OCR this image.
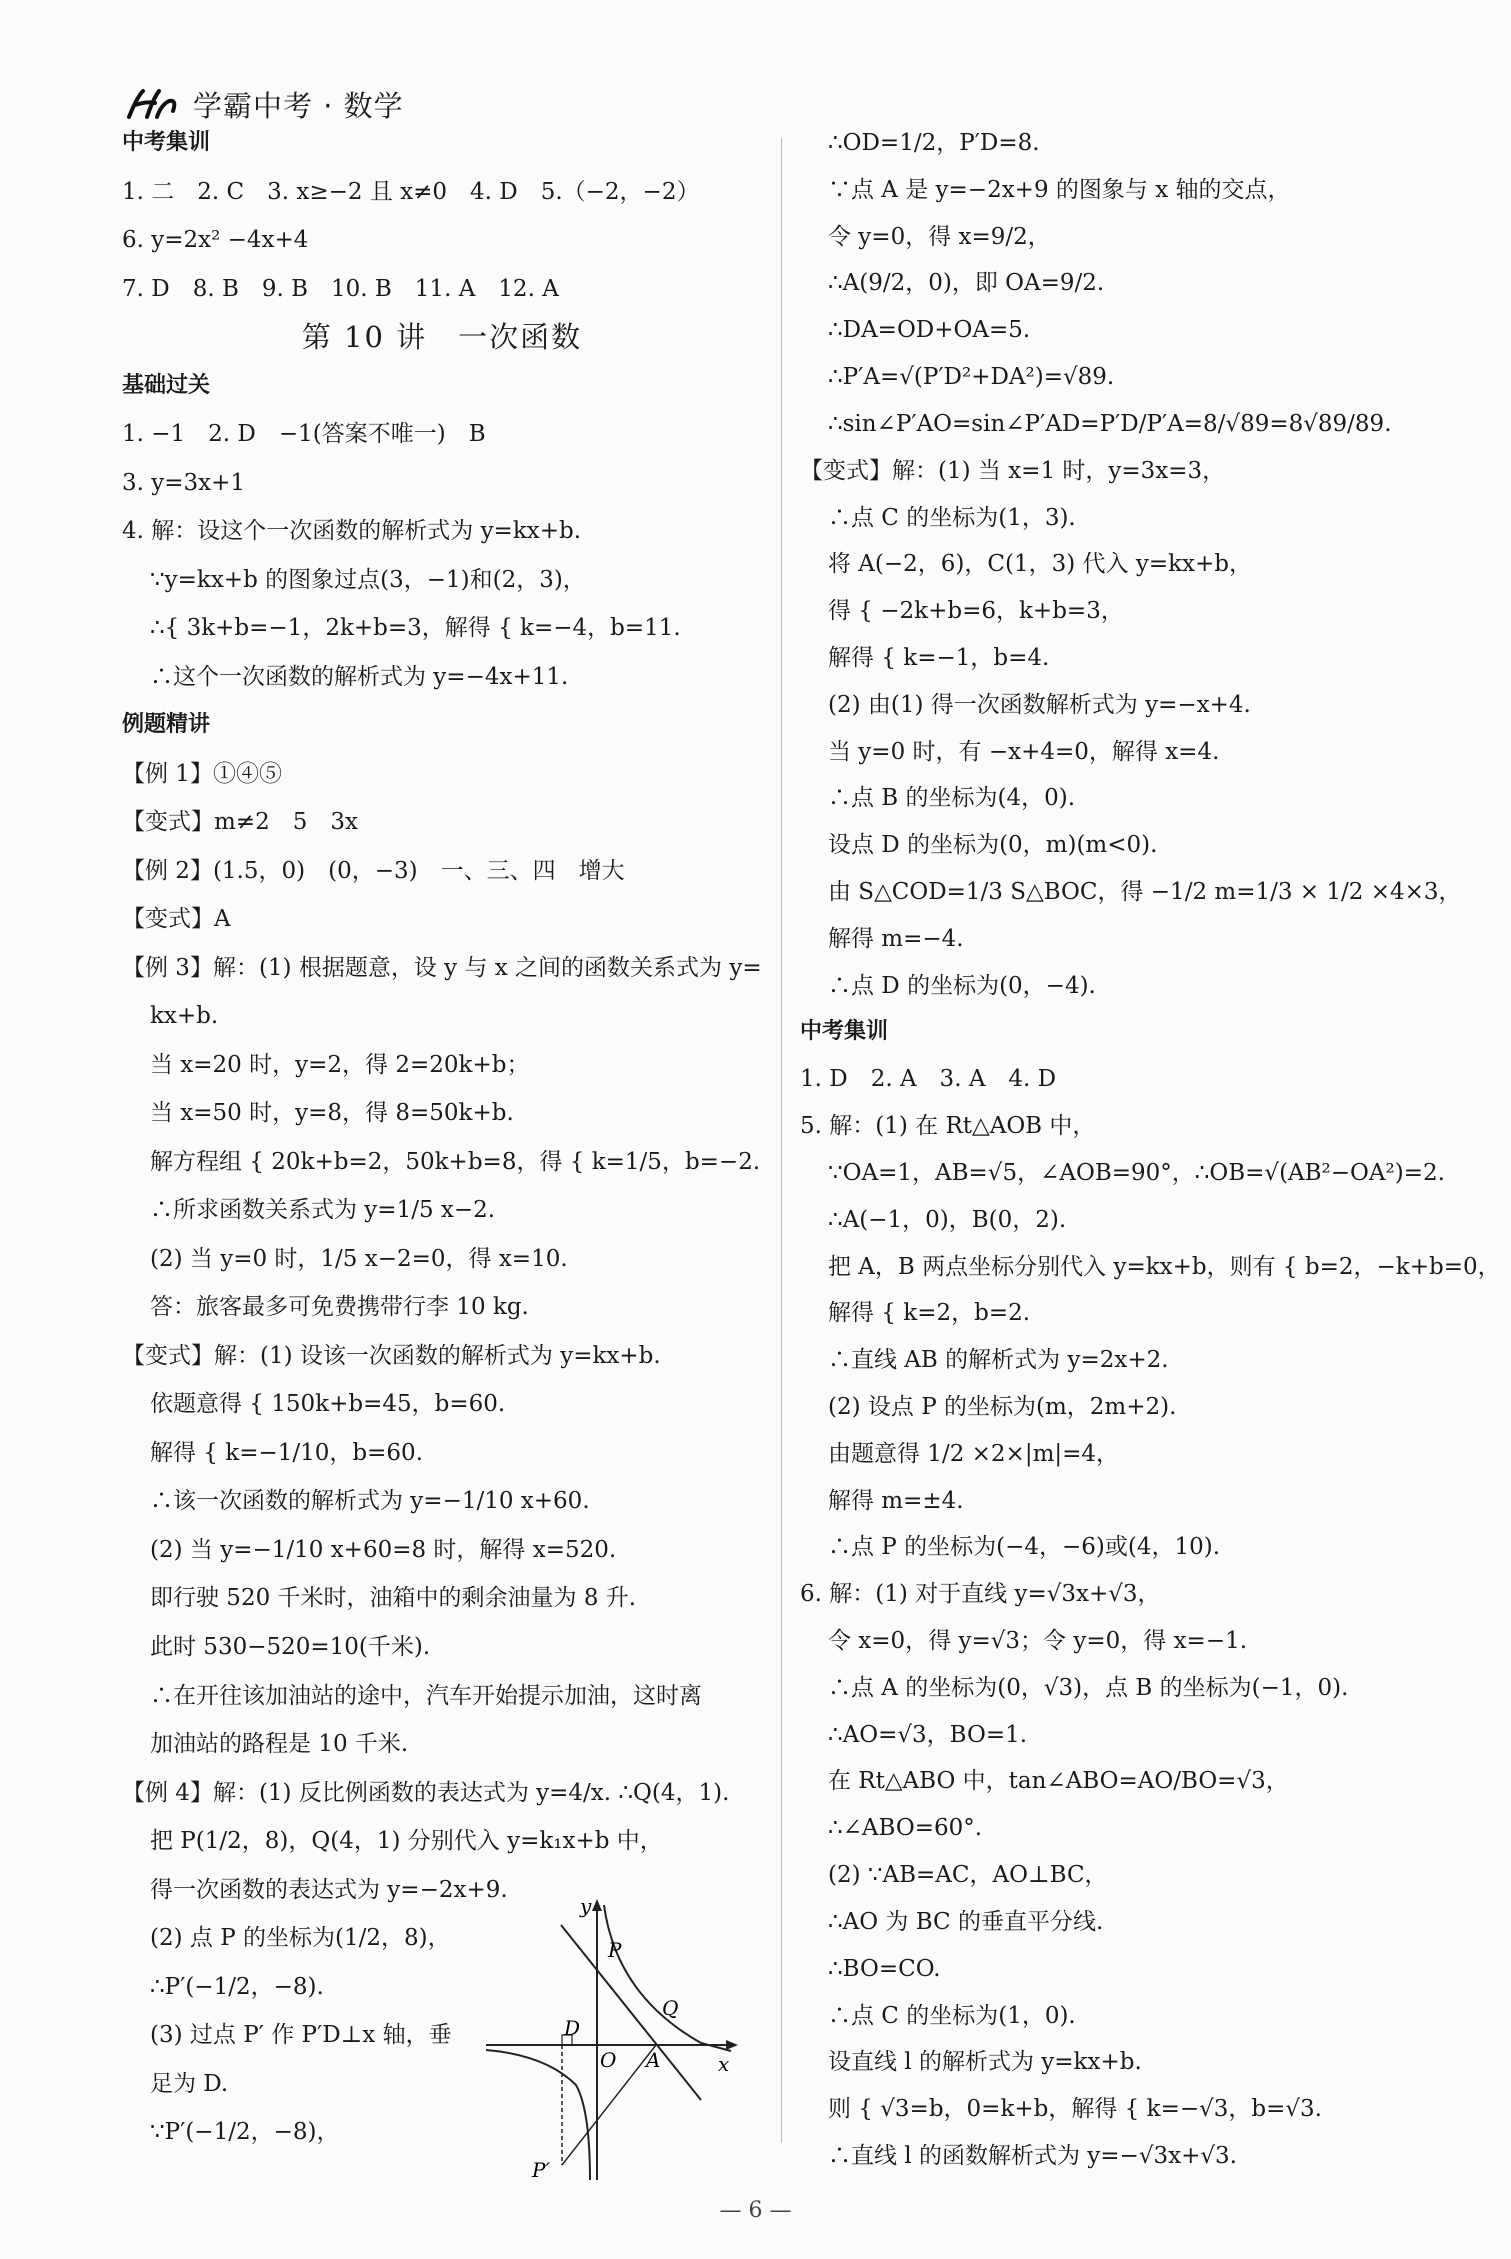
学霸中考 · 数学
中考集训
1. 二　2. C　3. x≥−2 且 x≠0　4. D　5.（−2，−2）
6. y=2x² −4x+4
7. D　8. B　9. B　10. B　11. A　12. A
第 10 讲　一次函数
基础过关
1. −1　2. D　−1(答案不唯一)　B
3. y=3x+1
4. 解：设这个一次函数的解析式为 y=kx+b.
∵y=kx+b 的图象过点(3，−1)和(2，3)，
∴{ 3k+b=−1，2k+b=3，解得 { k=−4，b=11.
∴这个一次函数的解析式为 y=−4x+11.
例题精讲
【例 1】①④⑤
【变式】m≠2　5　3x
【例 2】(1.5，0)　(0，−3)　一、三、四　增大
【变式】A
【例 3】解：(1) 根据题意，设 y 与 x 之间的函数关系式为 y=
kx+b.
当 x=20 时，y=2，得 2=20k+b；
当 x=50 时，y=8，得 8=50k+b.
解方程组 { 20k+b=2，50k+b=8，得 { k=1/5，b=−2.
∴所求函数关系式为 y=1/5 x−2.
(2) 当 y=0 时，1/5 x−2=0，得 x=10.
答：旅客最多可免费携带行李 10 kg.
【变式】解：(1) 设该一次函数的解析式为 y=kx+b.
依题意得 { 150k+b=45，b=60.
解得 { k=−1/10，b=60.
∴该一次函数的解析式为 y=−1/10 x+60.
(2) 当 y=−1/10 x+60=8 时，解得 x=520.
即行驶 520 千米时，油箱中的剩余油量为 8 升.
此时 530−520=10(千米).
∴在开往该加油站的途中，汽车开始提示加油，这时离
加油站的路程是 10 千米.
【例 4】解：(1) 反比例函数的表达式为 y=4/x. ∴Q(4，1).
把 P(1/2，8)，Q(4，1) 分别代入 y=k₁x+b 中，
得一次函数的表达式为 y=−2x+9.
(2) 点 P 的坐标为(1/2，8)，
∴P′(−1/2，−8).
(3) 过点 P′ 作 P′D⊥x 轴，垂
足为 D.
∵P′(−1/2，−8)，
∴OD=1/2，P′D=8.
∵点 A 是 y=−2x+9 的图象与 x 轴的交点，
令 y=0，得 x=9/2，
∴A(9/2，0)，即 OA=9/2.
∴DA=OD+OA=5.
∴P′A=√(P′D²+DA²)=√89.
∴sin∠P′AO=sin∠P′AD=P′D/P′A=8/√89=8√89/89.
【变式】解：(1) 当 x=1 时，y=3x=3，
∴点 C 的坐标为(1，3).
将 A(−2，6)，C(1，3) 代入 y=kx+b，
得 { −2k+b=6，k+b=3，
解得 { k=−1，b=4.
(2) 由(1) 得一次函数解析式为 y=−x+4.
当 y=0 时，有 −x+4=0，解得 x=4.
∴点 B 的坐标为(4，0).
设点 D 的坐标为(0，m)(m<0).
由 S△COD=1/3 S△BOC，得 −1/2 m=1/3 × 1/2 ×4×3，
解得 m=−4.
∴点 D 的坐标为(0，−4).
中考集训
1. D　2. A　3. A　4. D
5. 解：(1) 在 Rt△AOB 中，
∵OA=1，AB=√5，∠AOB=90°，∴OB=√(AB²−OA²)=2.
∴A(−1，0)，B(0，2).
把 A，B 两点坐标分别代入 y=kx+b，则有 { b=2，−k+b=0，
解得 { k=2，b=2.
∴直线 AB 的解析式为 y=2x+2.
(2) 设点 P 的坐标为(m，2m+2).
由题意得 1/2 ×2×|m|=4，
解得 m=±4.
∴点 P 的坐标为(−4，−6)或(4，10).
6. 解：(1) 对于直线 y=√3x+√3，
令 x=0，得 y=√3；令 y=0，得 x=−1.
∴点 A 的坐标为(0，√3)，点 B 的坐标为(−1，0).
∴AO=√3，BO=1.
在 Rt△ABO 中，tan∠ABO=AO/BO=√3，
∴∠ABO=60°.
(2) ∵AB=AC，AO⊥BC，
∴AO 为 BC 的垂直平分线.
∴BO=CO.
∴点 C 的坐标为(1，0).
设直线 l 的解析式为 y=kx+b.
则 { √3=b，0=k+b，解得 { k=−√3，b=√3.
∴直线 l 的函数解析式为 y=−√3x+√3.
y
x
O
P
Q
D
A
P′
— 6 —
